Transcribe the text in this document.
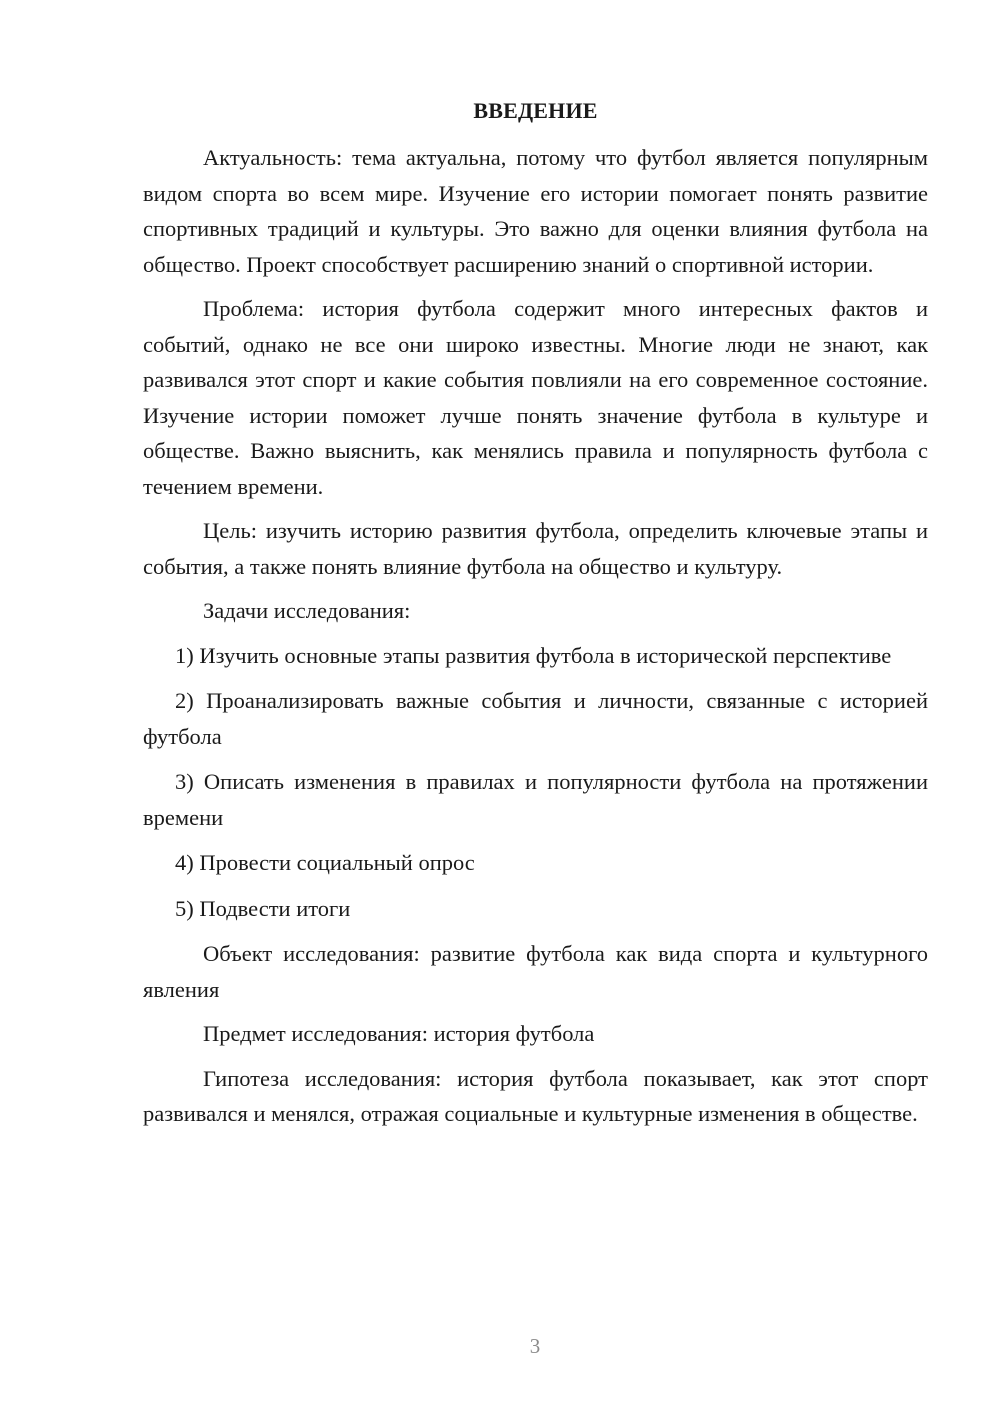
ВВЕДЕНИЕ

Актуальность: тема актуальна, потому что футбол является популярным видом спорта во всем мире. Изучение его истории помогает понять развитие спортивных традиций и культуры. Это важно для оценки влияния футбола на общество. Проект способствует расширению знаний о спортивной истории.

Проблема: история футбола содержит много интересных фактов и событий, однако не все они широко известны. Многие люди не знают, как развивался этот спорт и какие события повлияли на его современное состояние. Изучение истории поможет лучше понять значение футбола в культуре и обществе. Важно выяснить, как менялись правила и популярность футбола с течением времени.

Цель: изучить историю развития футбола, определить ключевые этапы и события, а также понять влияние футбола на общество и культуру.

Задачи исследования:

1) Изучить основные этапы развития футбола в исторической перспективе

2) Проанализировать важные события и личности, связанные с историей футбола

3) Описать изменения в правилах и популярности футбола на протяжении времени

4) Провести социальный опрос

5) Подвести итоги

Объект исследования: развитие футбола как вида спорта и культурного явления

Предмет исследования: история футбола

Гипотеза исследования: история футбола показывает, как этот спорт развивался и менялся, отражая социальные и культурные изменения в обществе.

3
